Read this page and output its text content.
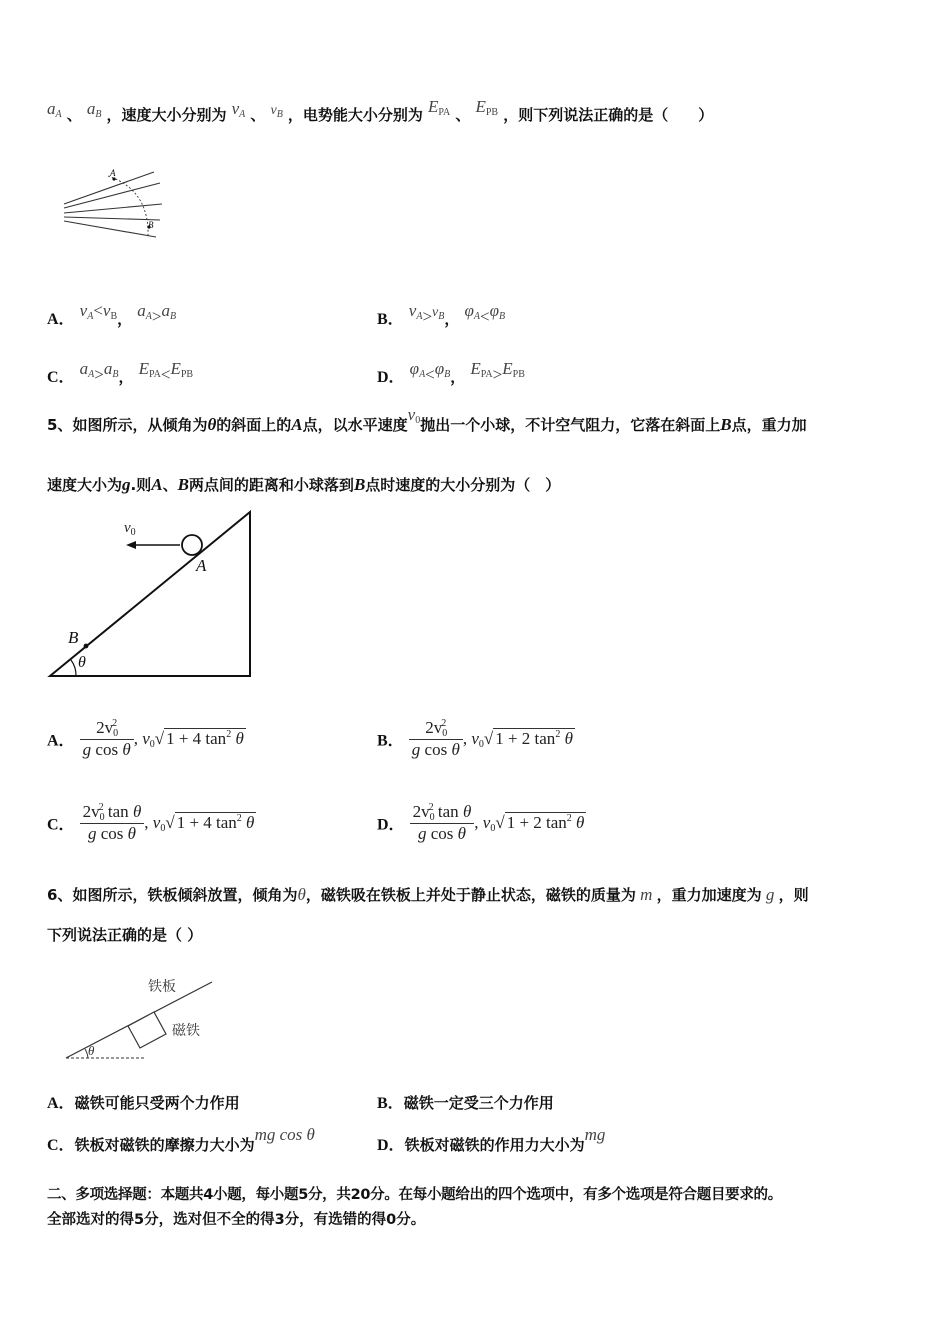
$a_A$ 、 $a_B$ ，速度大小分别为 $v_A$ 、 $v_B$ ，电势能大小分别为 EPA 、 EPB ，则下列说法正确的是（　　）
A
B
A． $v_A<vB$， $a_A>a_B$	B． $v_A>v_B$， $\varphi_A<\varphi_B$
C． $a_A>a_B$， EPA<EPB	D． $\varphi_A<\varphi_B$， EPA>EPB
5、如图所示，从倾角为θ的斜面上的A点，以水平速度v0抛出一个小球，不计空气阻力，它落在斜面上B点，重力加
速度大小为g.则A、B两点间的距离和小球落到B点时速度的大小分别为（　）
$v_0$
A
B
θ
A． $\frac{2v0^2}{\text{g cos θ}}$ , v0√ 1 + 4 $\tan^2 \theta$	B． $\frac{2v0^2}{\text{g cos θ}}$ , v0√ 1 + 2 $\tan^2 \theta$
C． $\frac{2v0^2 \tan \theta}{\text{g cos θ}}$ , v0√ 1 + 4 $\tan^2 \theta$	D． $\frac{2v0^2 \tan \theta}{\text{g cos θ}}$ , v0√ 1 + 2 $\tan^2 \theta$
6、如图所示，铁板倾斜放置，倾角为θ，磁铁吸在铁板上并处于静止状态，磁铁的质量为 m ，重力加速度为 g ，则
下列说法正确的是（ ）
铁板
磁铁
θ
A．磁铁可能只受两个力作用	B．磁铁一定受三个力作用
C．铁板对磁铁的摩擦力大小为mg cos θ
D．铁板对磁铁的作用力大小为mg
二、多项选择题：本题共4小题，每小题5分，共20分。在每小题给出的四个选项中，有多个选项是符合题目要求的。
全部选对的得5分，选对但不全的得3分，有选错的得0分。
